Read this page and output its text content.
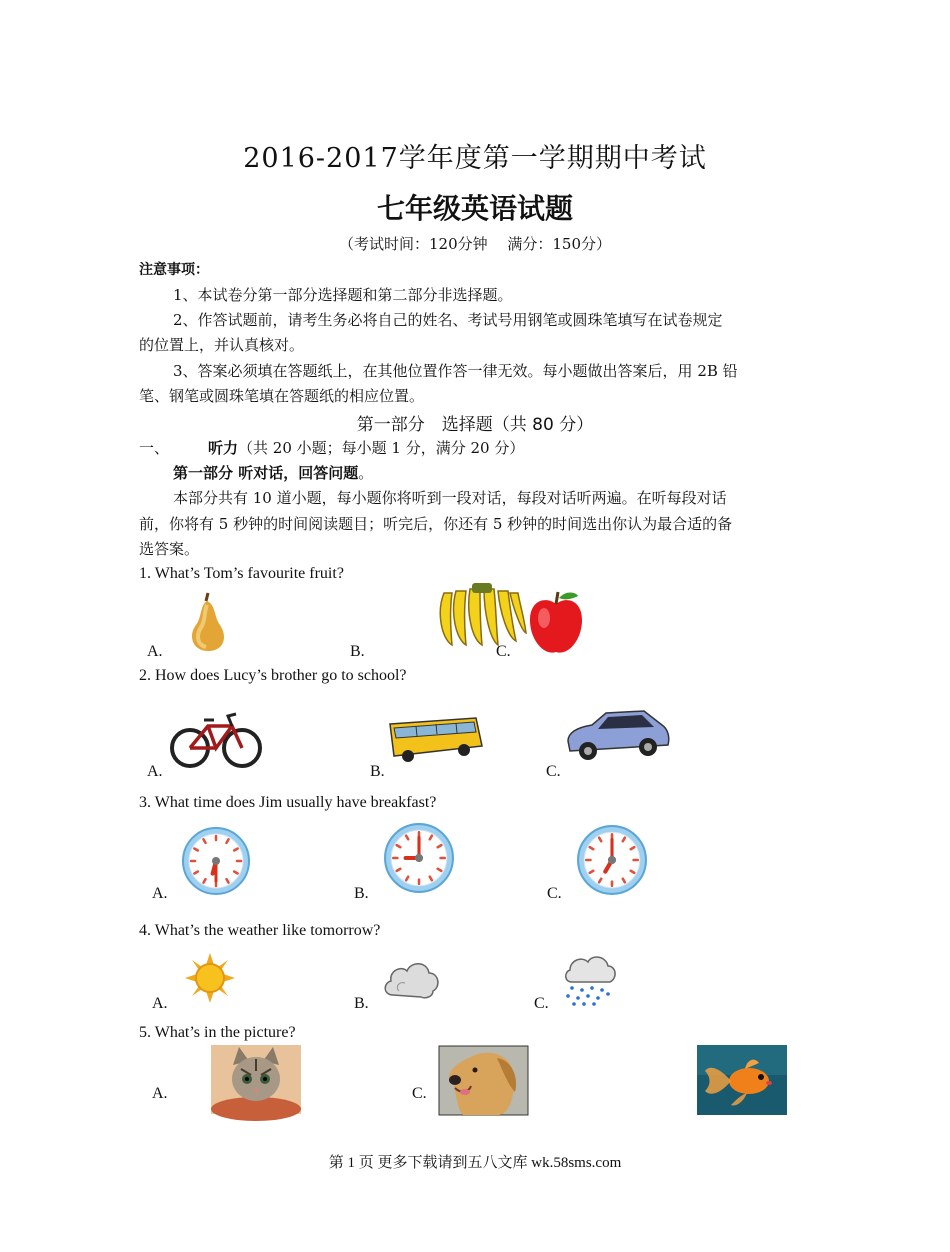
2016-2017学年度第一学期期中考试
七年级英语试题
（考试时间：120分钟　 满分：150分）
注意事项：
1、本试卷分第一部分选择题和第二部分非选择题。
2、作答试题前，请考生务必将自己的姓名、考试号用钢笔或圆珠笔填写在试卷规定
的位置上，并认真核对。
3、答案必须填在答题纸上，在其他位置作答一律无效。每小题做出答案后，用 2B 铅
笔、钢笔或圆珠笔填在答题纸的相应位置。
第一部分　选择题（共 80 分）
一、	听力（共 20 小题；每小题 1 分，满分 20 分）
第一部分 听对话，回答问题。
本部分共有 10 道小题，每小题你将听到一段对话，每段对话听两遍。在听每段对话
前，你将有 5 秒钟的时间阅读题目；听完后，你还有 5 秒钟的时间选出你认为最合适的备
选答案。
1. What’s Tom’s favourite fruit?
A.	B.	C.
2. How does Lucy’s brother go to school?
A.	B.	C.
3. What time does Jim usually have breakfast?
A.	B.	C.
4. What’s the weather like tomorrow?
A.	B.	C.
5. What’s in the picture?
A.	C.
第 1 页 更多下载请到五八文库 wk.58sms.com
